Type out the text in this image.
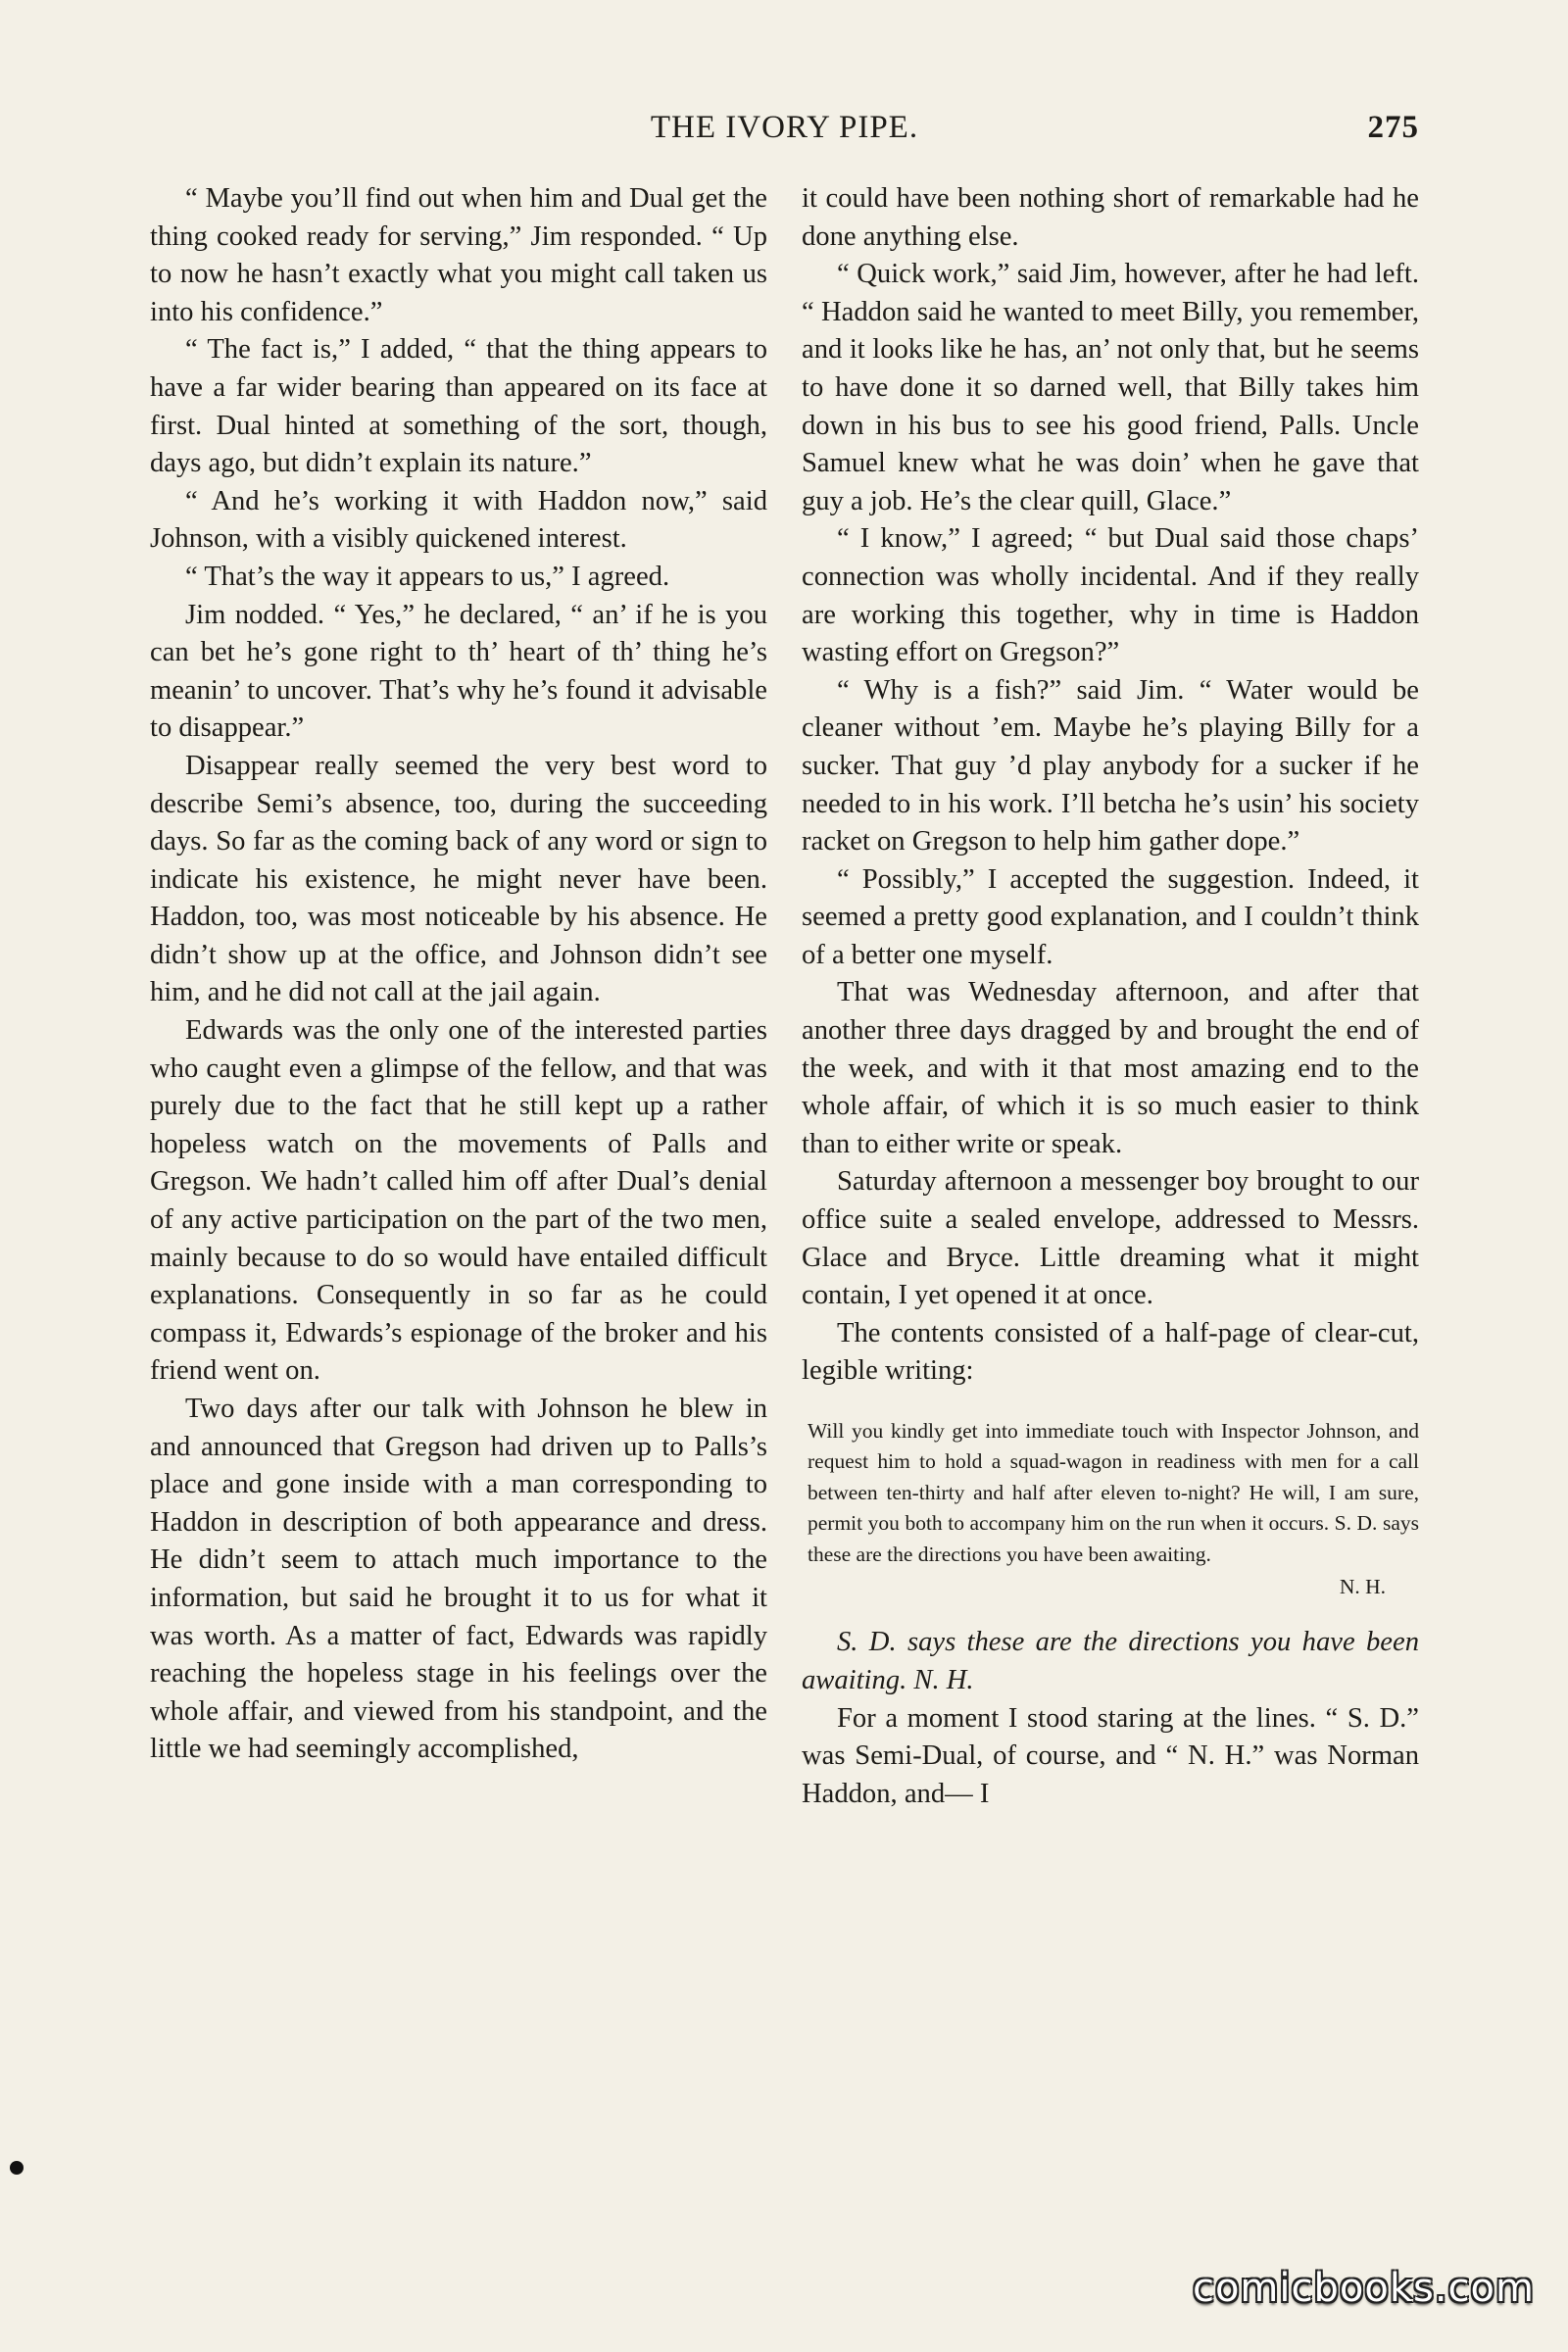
THE IVORY PIPE.	275

“ Maybe you’ll find out when him and Dual get the thing cooked ready for serving,” Jim responded. “ Up to now he hasn’t exactly what you might call taken us into his confidence.”

“ The fact is,” I added, “ that the thing appears to have a far wider bearing than appeared on its face at first. Dual hinted at something of the sort, though, days ago, but didn’t explain its nature.”

“ And he’s working it with Haddon now,” said Johnson, with a visibly quickened interest.

“ That’s the way it appears to us,” I agreed.

Jim nodded. “ Yes,” he declared, “ an’ if he is you can bet he’s gone right to th’ heart of th’ thing he’s meanin’ to uncover. That’s why he’s found it advisable to disappear.”

Disappear really seemed the very best word to describe Semi’s absence, too, during the succeeding days. So far as the coming back of any word or sign to indicate his existence, he might never have been. Haddon, too, was most noticeable by his absence. He didn’t show up at the office, and Johnson didn’t see him, and he did not call at the jail again.

Edwards was the only one of the interested parties who caught even a glimpse of the fellow, and that was purely due to the fact that he still kept up a rather hopeless watch on the movements of Palls and Gregson. We hadn’t called him off after Dual’s denial of any active participation on the part of the two men, mainly because to do so would have entailed difficult explanations. Consequently in so far as he could compass it, Edwards’s espionage of the broker and his friend went on.

Two days after our talk with Johnson he blew in and announced that Gregson had driven up to Palls’s place and gone inside with a man corresponding to Haddon in description of both appearance and dress. He didn’t seem to attach much importance to the information, but said he brought it to us for what it was worth. As a matter of fact, Edwards was rapidly reaching the hopeless stage in his feelings over the whole affair, and viewed from his standpoint, and the little we had seemingly accomplished,

it could have been nothing short of remarkable had he done anything else.

“ Quick work,” said Jim, however, after he had left. “ Haddon said he wanted to meet Billy, you remember, and it looks like he has, an’ not only that, but he seems to have done it so darned well, that Billy takes him down in his bus to see his good friend, Palls. Uncle Samuel knew what he was doin’ when he gave that guy a job. He’s the clear quill, Glace.”

“ I know,” I agreed; “ but Dual said those chaps’ connection was wholly incidental. And if they really are working this together, why in time is Haddon wasting effort on Gregson?”

“ Why is a fish?” said Jim. “ Water would be cleaner without ’em. Maybe he’s playing Billy for a sucker. That guy ’d play anybody for a sucker if he needed to in his work. I’ll betcha he’s usin’ his society racket on Gregson to help him gather dope.”

“ Possibly,” I accepted the suggestion. Indeed, it seemed a pretty good explanation, and I couldn’t think of a better one myself.

That was Wednesday afternoon, and after that another three days dragged by and brought the end of the week, and with it that most amazing end to the whole affair, of which it is so much easier to think than to either write or speak.

Saturday afternoon a messenger boy brought to our office suite a sealed envelope, addressed to Messrs. Glace and Bryce. Little dreaming what it might contain, I yet opened it at once.

The contents consisted of a half-page of clear-cut, legible writing:

Will you kindly get into immediate touch with Inspector Johnson, and request him to hold a squad-wagon in readiness with men for a call between ten-thirty and half after eleven to-night? He will, I am sure, permit you both to accompany him on the run when it occurs. S. D. says these are the directions you have been awaiting.
N. H.

S. D. says these are the directions you have been awaiting. N. H.

For a moment I stood staring at the lines. “ S. D.” was Semi-Dual, of course, and “ N. H.” was Norman Haddon, and— I

comicbooks.com
